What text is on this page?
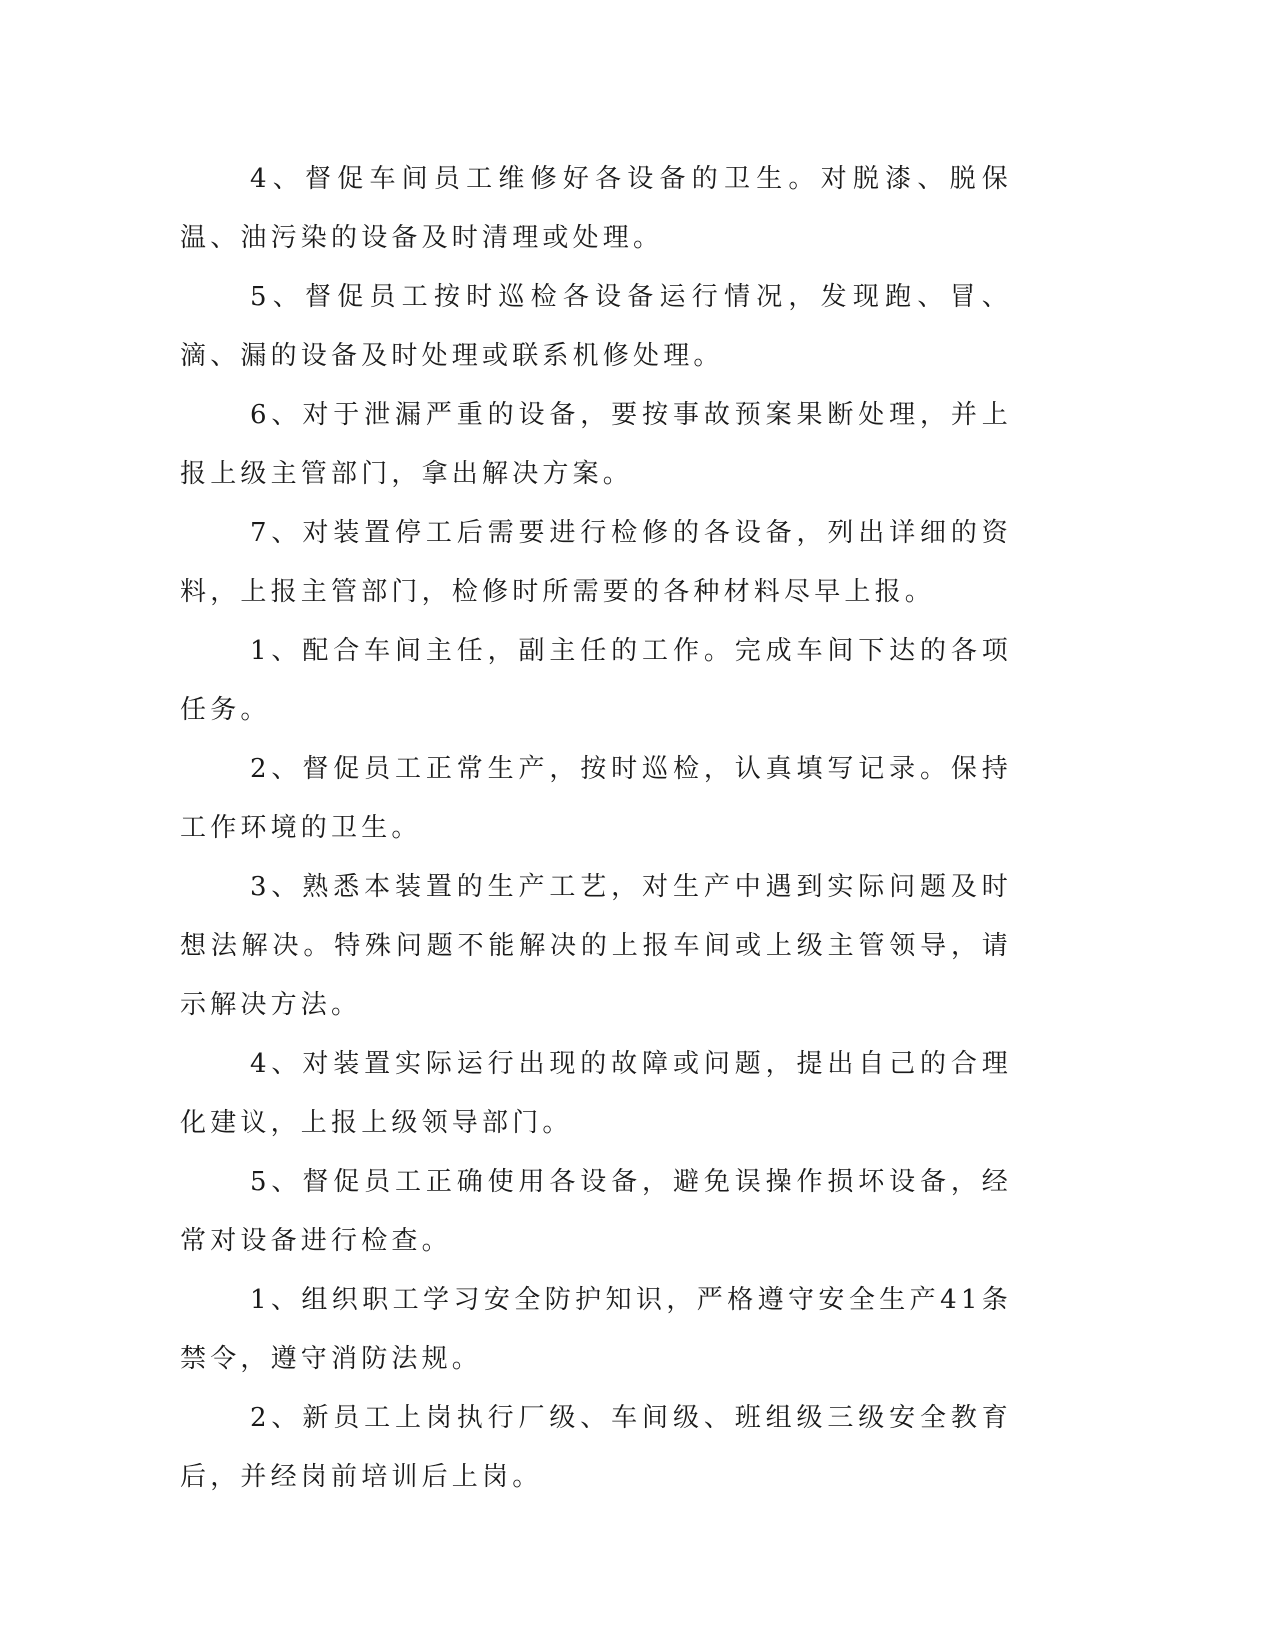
4、督促车间员工维修好各设备的卫生。对脱漆、脱保温、油污染的设备及时清理或处理。

5、督促员工按时巡检各设备运行情况，发现跑、冒、滴、漏的设备及时处理或联系机修处理。

6、对于泄漏严重的设备，要按事故预案果断处理，并上报上级主管部门，拿出解决方案。

7、对装置停工后需要进行检修的各设备，列出详细的资料，上报主管部门，检修时所需要的各种材料尽早上报。

1、配合车间主任，副主任的工作。完成车间下达的各项任务。

2、督促员工正常生产，按时巡检，认真填写记录。保持工作环境的卫生。

3、熟悉本装置的生产工艺，对生产中遇到实际问题及时想法解决。特殊问题不能解决的上报车间或上级主管领导，请示解决方法。

4、对装置实际运行出现的故障或问题，提出自己的合理化建议，上报上级领导部门。

5、督促员工正确使用各设备，避免误操作损坏设备，经常对设备进行检查。

1、组织职工学习安全防护知识，严格遵守安全生产41条禁令，遵守消防法规。

2、新员工上岗执行厂级、车间级、班组级三级安全教育后，并经岗前培训后上岗。
